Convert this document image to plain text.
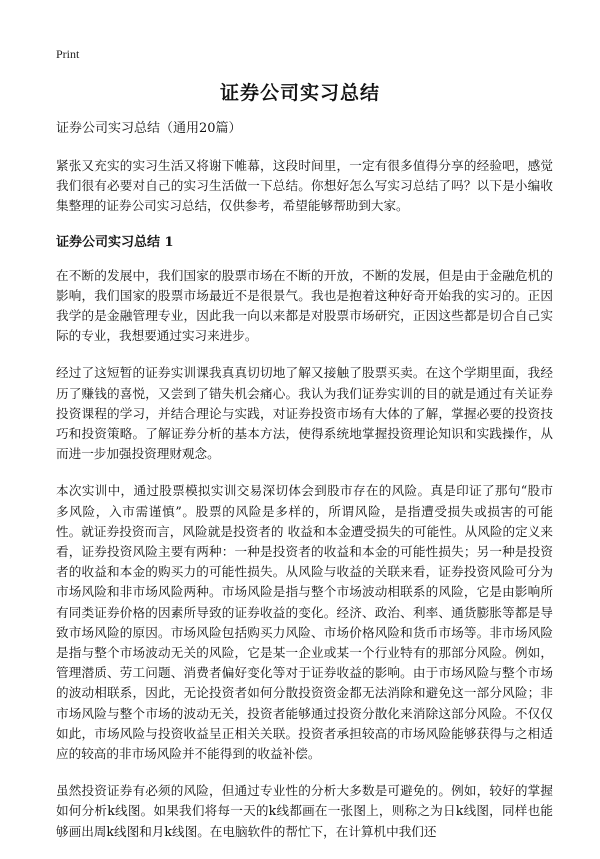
Print
证券公司实习总结

证券公司实习总结（通用20篇）

紧张又充实的实习生活又将谢下帷幕，这段时间里，一定有很多值得分享的经验吧，感觉我们很有必要对自己的实习生活做一下总结。你想好怎么写实习总结了吗？以下是小编收集整理的证券公司实习总结，仅供参考，希望能够帮助到大家。

证券公司实习总结 1

在不断的发展中，我们国家的股票市场在不断的开放，不断的发展，但是由于金融危机的影响，我们国家的股票市场最近不是很景气。我也是抱着这种好奇开始我的实习的。正因我学的是金融管理专业，因此我一向以来都是对股票市场研究，正因这些都是切合自己实际的专业，我想要通过实习来进步。

经过了这短暂的证券实训课我真真切切地了解又接触了股票买卖。在这个学期里面，我经历了赚钱的喜悦，又尝到了错失机会痛心。我认为我们证券实训的目的就是通过有关证券投资课程的学习，并结合理论与实践，对证券投资市场有大体的了解，掌握必要的投资技巧和投资策略。了解证券分析的基本方法，使得系统地掌握投资理论知识和实践操作，从而进一步加强投资理财观念。

本次实训中，通过股票模拟实训交易深切体会到股市存在的风险。真是印证了那句“股市多风险，入市需谨慎”。股票的风险是多样的，所谓风险，是指遭受损失或损害的可能性。就证券投资而言，风险就是投资者的 收益和本金遭受损失的可能性。从风险的定义来看，证券投资风险主要有两种：一种是投资者的收益和本金的可能性损失；另一种是投资者的收益和本金的购买力的可能性损失。从风险与收益的关联来看，证券投资风险可分为市场风险和非市场风险两种。市场风险是指与整个市场波动相联系的风险，它是由影响所有同类证券价格的因素所导致的证券收益的变化。经济、政治、利率、通货膨胀等都是导致市场风险的原因。市场风险包括购买力风险、市场价格风险和货币市场等。非市场风险是指与整个市场波动无关的风险，它是某一企业或某一个行业特有的那部分风险。例如，管理潜质、劳工问题、消费者偏好变化等对于证券收益的影响。由于市场风险与整个市场的波动相联系，因此，无论投资者如何分散投资资金都无法消除和避免这一部分风险；非市场风险与整个市场的波动无关，投资者能够通过投资分散化来消除这部分风险。不仅仅如此，市场风险与投资收益呈正相关关联。投资者承担较高的市场风险能够获得与之相适应的较高的非市场风险并不能得到的收益补偿。

虽然投资证券有必须的风险，但通过专业性的分析大多数是可避免的。例如，较好的掌握如何分析k线图。如果我们将每一天的k线都画在一张图上，则称之为日k线图，同样也能够画出周k线图和月k线图。在电脑软件的帮忙下，在计算机中我们还
